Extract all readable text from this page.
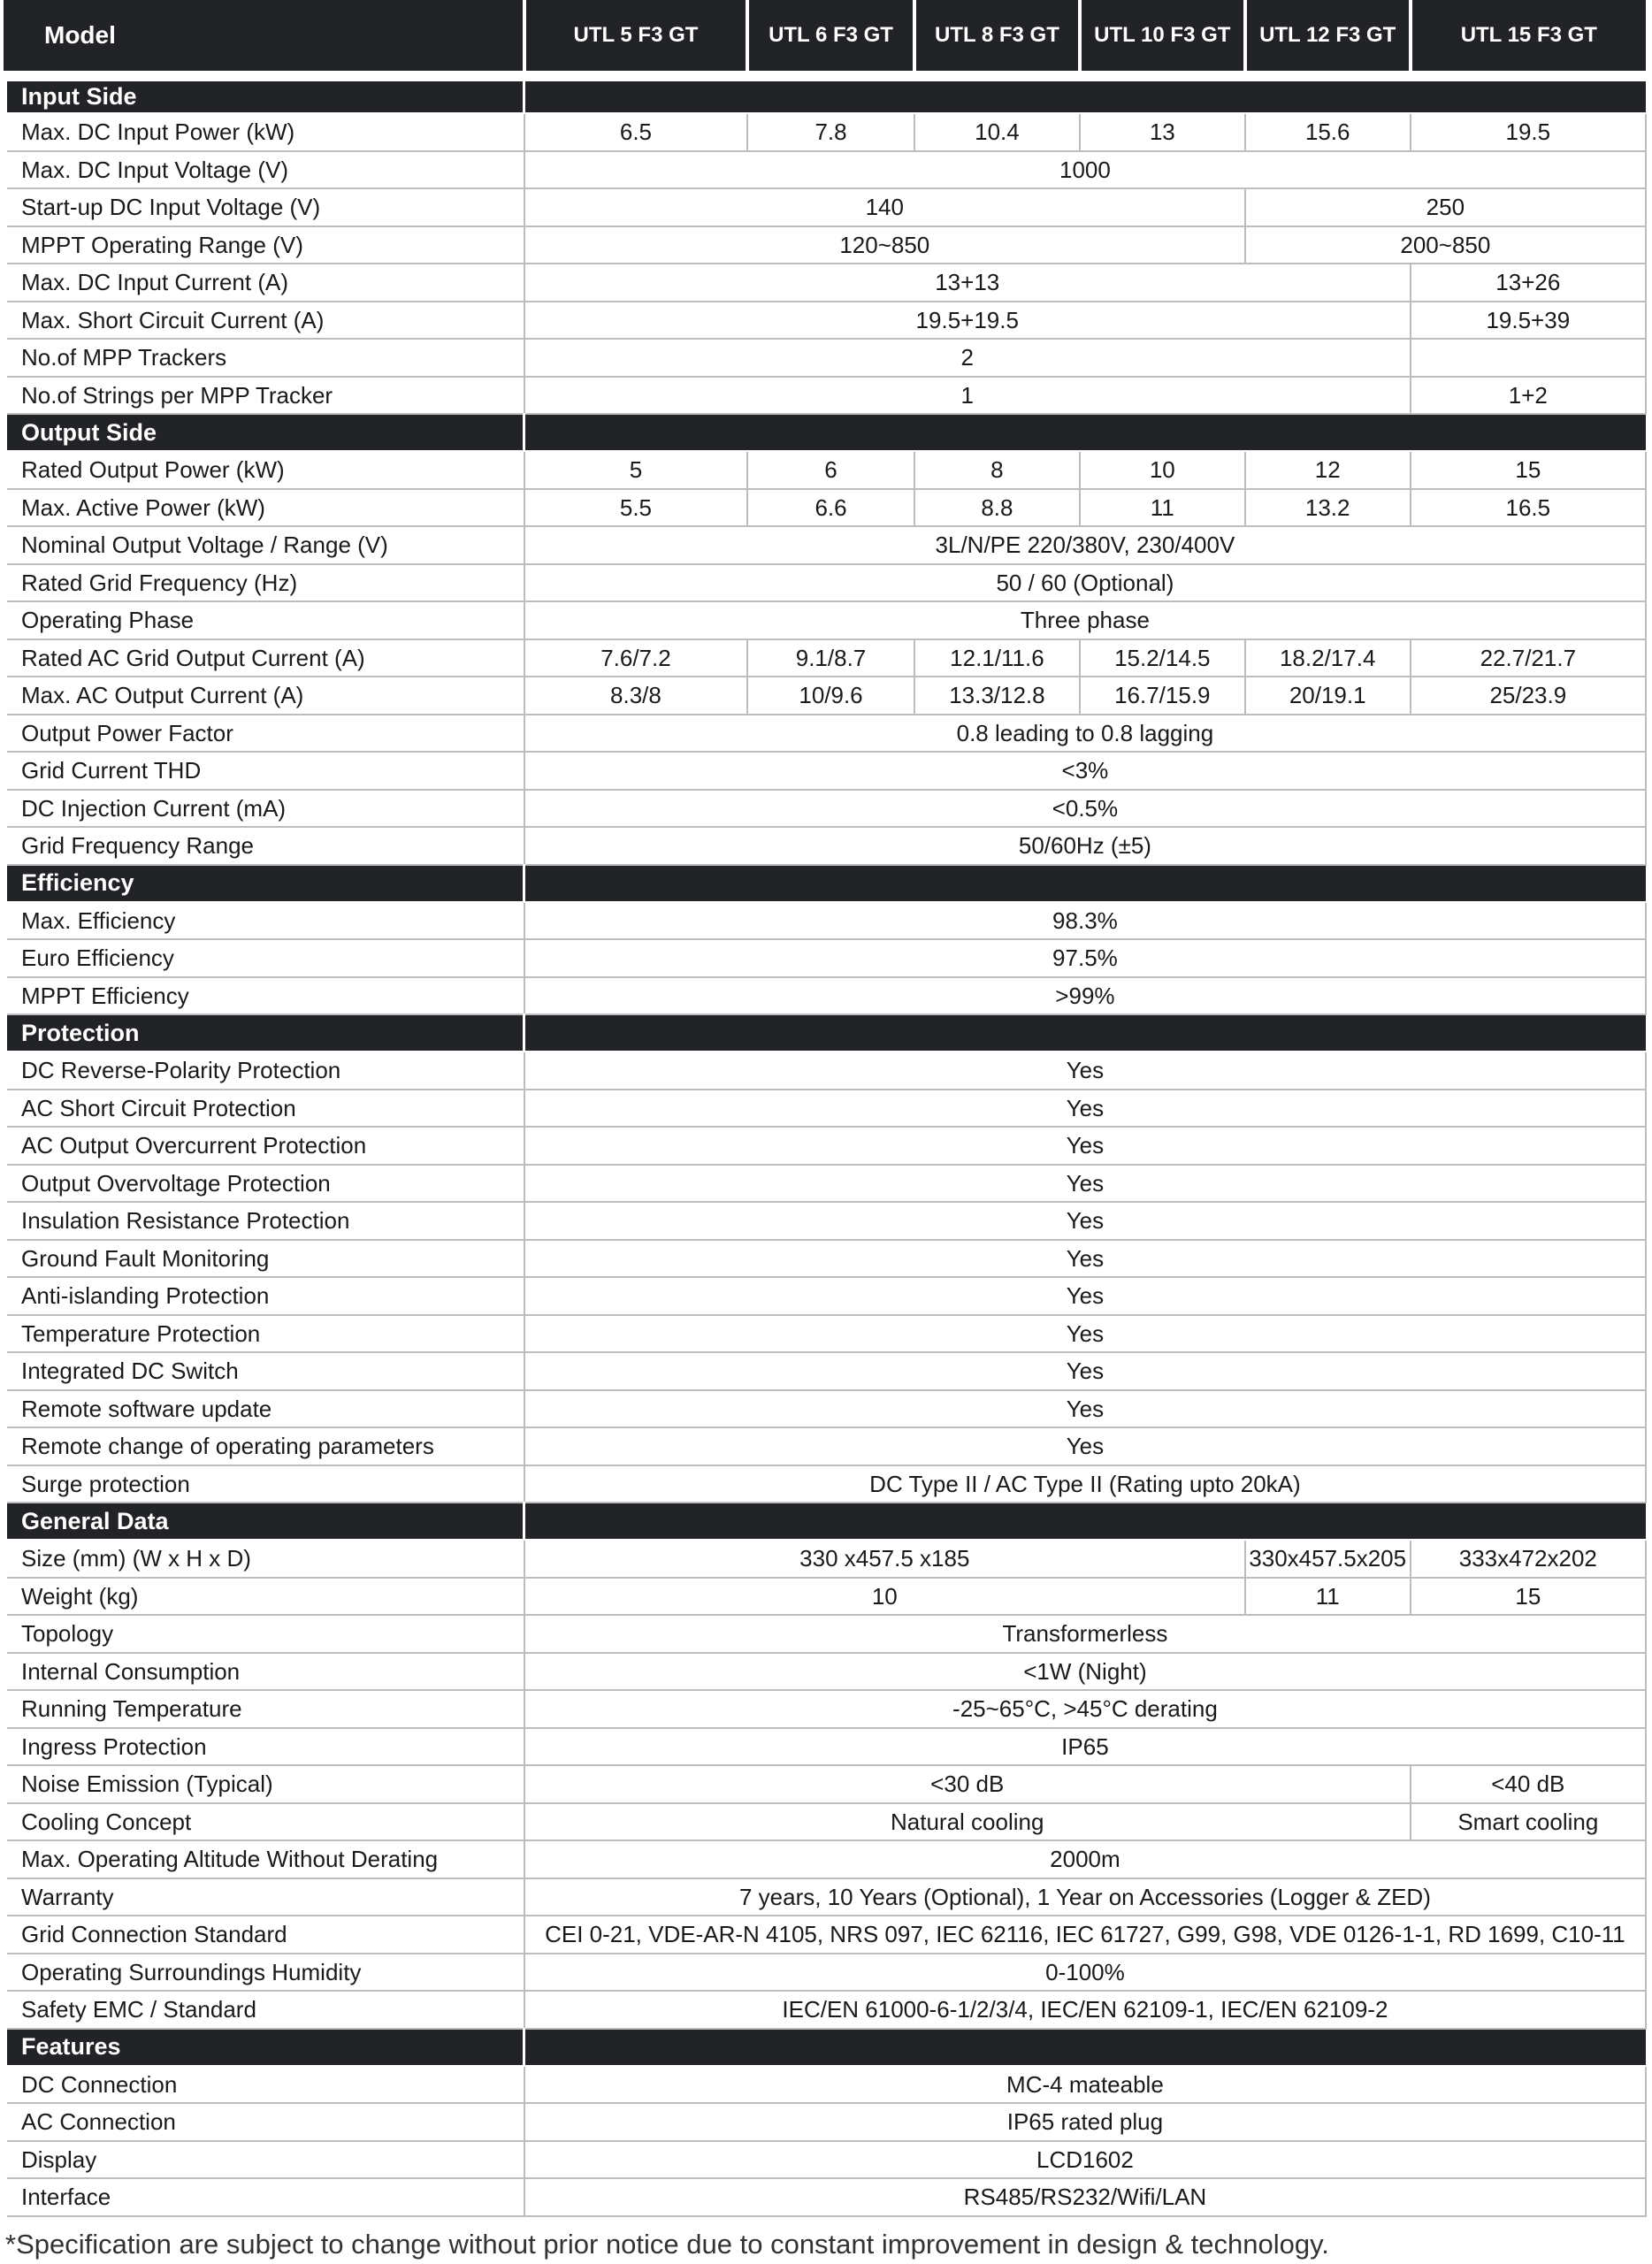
Model	UTL 5 F3 GT	UTL 6 F3 GT	UTL 8 F3 GT	UTL 10 F3 GT	UTL 12 F3 GT	UTL 15 F3 GT
Input Side						
Max. DC Input Power (kW)	6.5	7.8	10.4	13	15.6	19.5
Max. DC Input Voltage (V)	1000					
Start-up DC Input Voltage (V)	140				250	
MPPT Operating Range (V)	120~850				200~850	
Max. DC Input Current (A)	13+13					13+26
Max. Short Circuit Current (A)	19.5+19.5					19.5+39
No.of MPP Trackers	2					
No.of Strings per MPP Tracker	1					1+2
Output Side						
Rated Output Power (kW)	5	6	8	10	12	15
Max. Active Power (kW)	5.5	6.6	8.8	11	13.2	16.5
Nominal Output Voltage / Range (V)	3L/N/PE 220/380V, 230/400V					
Rated Grid Frequency (Hz)	50 / 60 (Optional)					
Operating Phase	Three phase					
Rated AC Grid Output Current (A)	7.6/7.2	9.1/8.7	12.1/11.6	15.2/14.5	18.2/17.4	22.7/21.7
Max. AC Output Current (A)	8.3/8	10/9.6	13.3/12.8	16.7/15.9	20/19.1	25/23.9
Output Power Factor	0.8 leading to 0.8 lagging					
Grid Current THD	<3%					
DC Injection Current (mA)	<0.5%					
Grid Frequency Range	50/60Hz (±5)					
Efficiency						
Max. Efficiency	98.3%					
Euro Efficiency	97.5%					
MPPT Efficiency	>99%					
Protection						
DC Reverse-Polarity Protection	Yes					
AC Short Circuit Protection	Yes					
AC Output Overcurrent Protection	Yes					
Output Overvoltage Protection	Yes					
Insulation Resistance Protection	Yes					
Ground Fault Monitoring	Yes					
Anti-islanding Protection	Yes					
Temperature Protection	Yes					
Integrated DC Switch	Yes					
Remote software update	Yes					
Remote change of operating parameters	Yes					
Surge protection	DC Type II / AC Type II (Rating upto 20kA)					
General Data						
Size (mm) (W x H x D)	330 x457.5 x185				330x457.5x205	333x472x202
Weight (kg)	10				11	15
Topology	Transformerless					
Internal Consumption	<1W (Night)					
Running Temperature	-25~65°C, >45°C derating					
Ingress Protection	IP65					
Noise Emission (Typical)	<30 dB					<40 dB
Cooling Concept	Natural cooling					Smart cooling
Max. Operating Altitude Without Derating	2000m					
Warranty	7 years, 10 Years (Optional), 1 Year on Accessories (Logger & ZED)					
Grid Connection Standard	CEI 0-21, VDE-AR-N 4105, NRS 097, IEC 62116, IEC 61727, G99, G98, VDE 0126-1-1, RD 1699, C10-11					
Operating Surroundings Humidity	0-100%					
Safety EMC / Standard	IEC/EN 61000-6-1/2/3/4, IEC/EN 62109-1, IEC/EN 62109-2					
Features						
DC Connection	MC-4 mateable					
AC Connection	IP65 rated plug					
Display	LCD1602					
Interface	RS485/RS232/Wifi/LAN					
*Specification are subject to change without prior notice due to constant improvement in design & technology.
